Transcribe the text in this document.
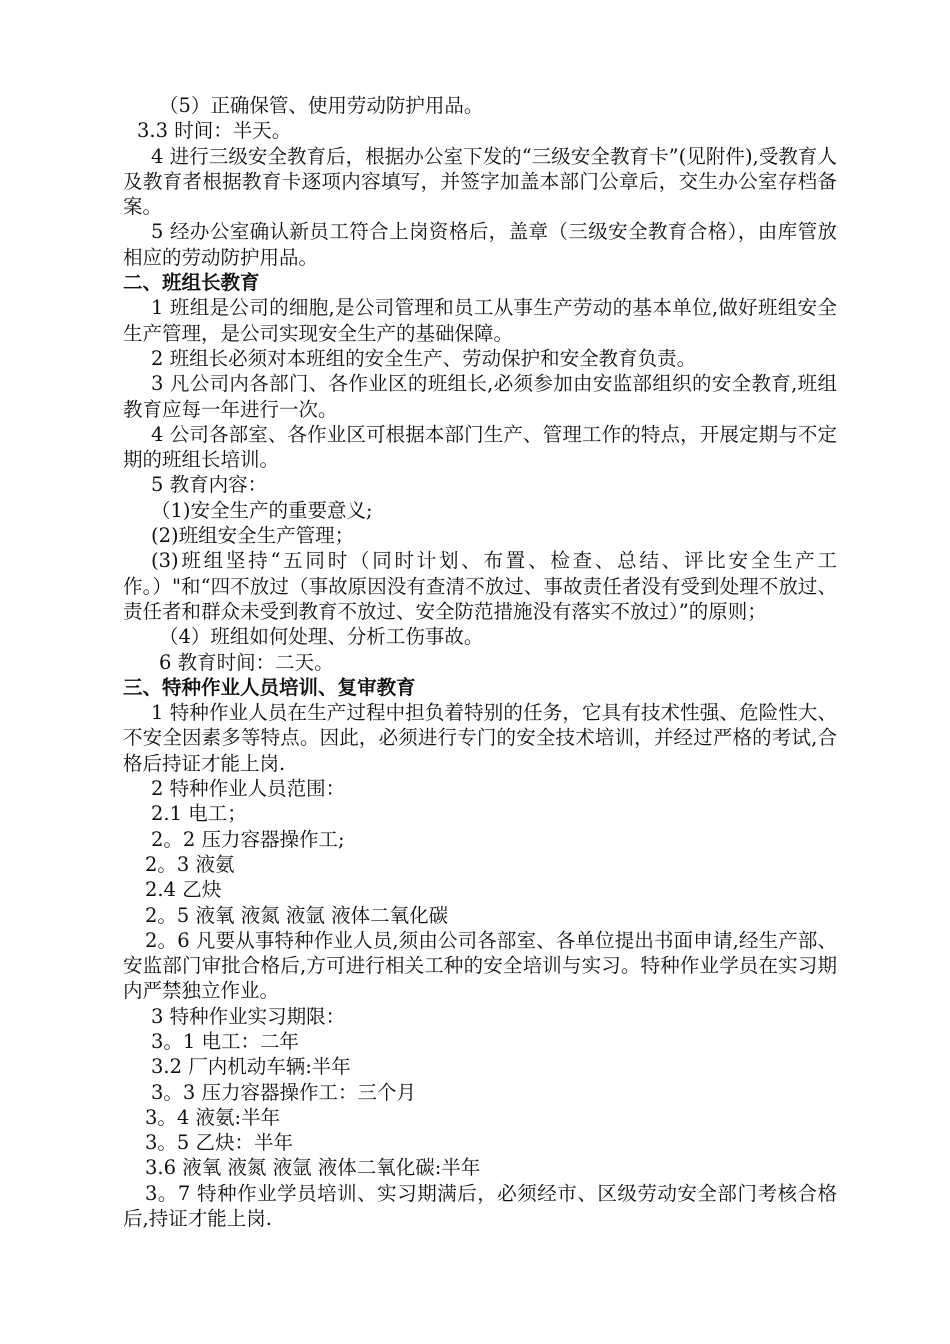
（5）正确保管、使用劳动防护用品。

3.3 时间：半天。

4 进行三级安全教育后，根据办公室下发的“三级安全教育卡”(见附件),受教育人及教育者根据教育卡逐项内容填写，并签字加盖本部门公章后，交生办公室存档备案。

5 经办公室确认新员工符合上岗资格后，盖章（三级安全教育合格），由库管放相应的劳动防护用品。

二、班组长教育

1 班组是公司的细胞,是公司管理和员工从事生产劳动的基本单位,做好班组安全生产管理，是公司实现安全生产的基础保障。

2 班组长必须对本班组的安全生产、劳动保护和安全教育负责。

3 凡公司内各部门、各作业区的班组长,必须参加由安监部组织的安全教育,班组教育应每一年进行一次。

4 公司各部室、各作业区可根据本部门生产、管理工作的特点，开展定期与不定期的班组长培训。

5 教育内容：

（1)安全生产的重要意义;

(2)班组安全生产管理；

(3)班组坚持“五同时（同时计划、布置、检查、总结、评比安全生产工作。）"和“四不放过（事故原因没有查清不放过、事故责任者没有受到处理不放过、责任者和群众未受到教育不放过、安全防范措施没有落实不放过）”的原则；

（4）班组如何处理、分析工伤事故。

6 教育时间：二天。

三、特种作业人员培训、复审教育

1 特种作业人员在生产过程中担负着特别的任务，它具有技术性强、危险性大、不安全因素多等特点。因此，必须进行专门的安全技术培训，并经过严格的考试,合格后持证才能上岗.

2 特种作业人员范围：

2.1 电工；

2。2 压力容器操作工;

2。3 液氨

2.4 乙炔

2。5 液氧 液氮 液氩 液体二氧化碳

2。6 凡要从事特种作业人员,须由公司各部室、各单位提出书面申请,经生产部、安监部门审批合格后,方可进行相关工种的安全培训与实习。特种作业学员在实习期内严禁独立作业。

3 特种作业实习期限：

3。1 电工：二年

3.2 厂内机动车辆:半年

3。3 压力容器操作工：三个月

3。4 液氨:半年

3。5 乙炔：半年

3.6 液氧 液氮 液氩 液体二氧化碳:半年

3。7 特种作业学员培训、实习期满后，必须经市、区级劳动安全部门考核合格后,持证才能上岗.
